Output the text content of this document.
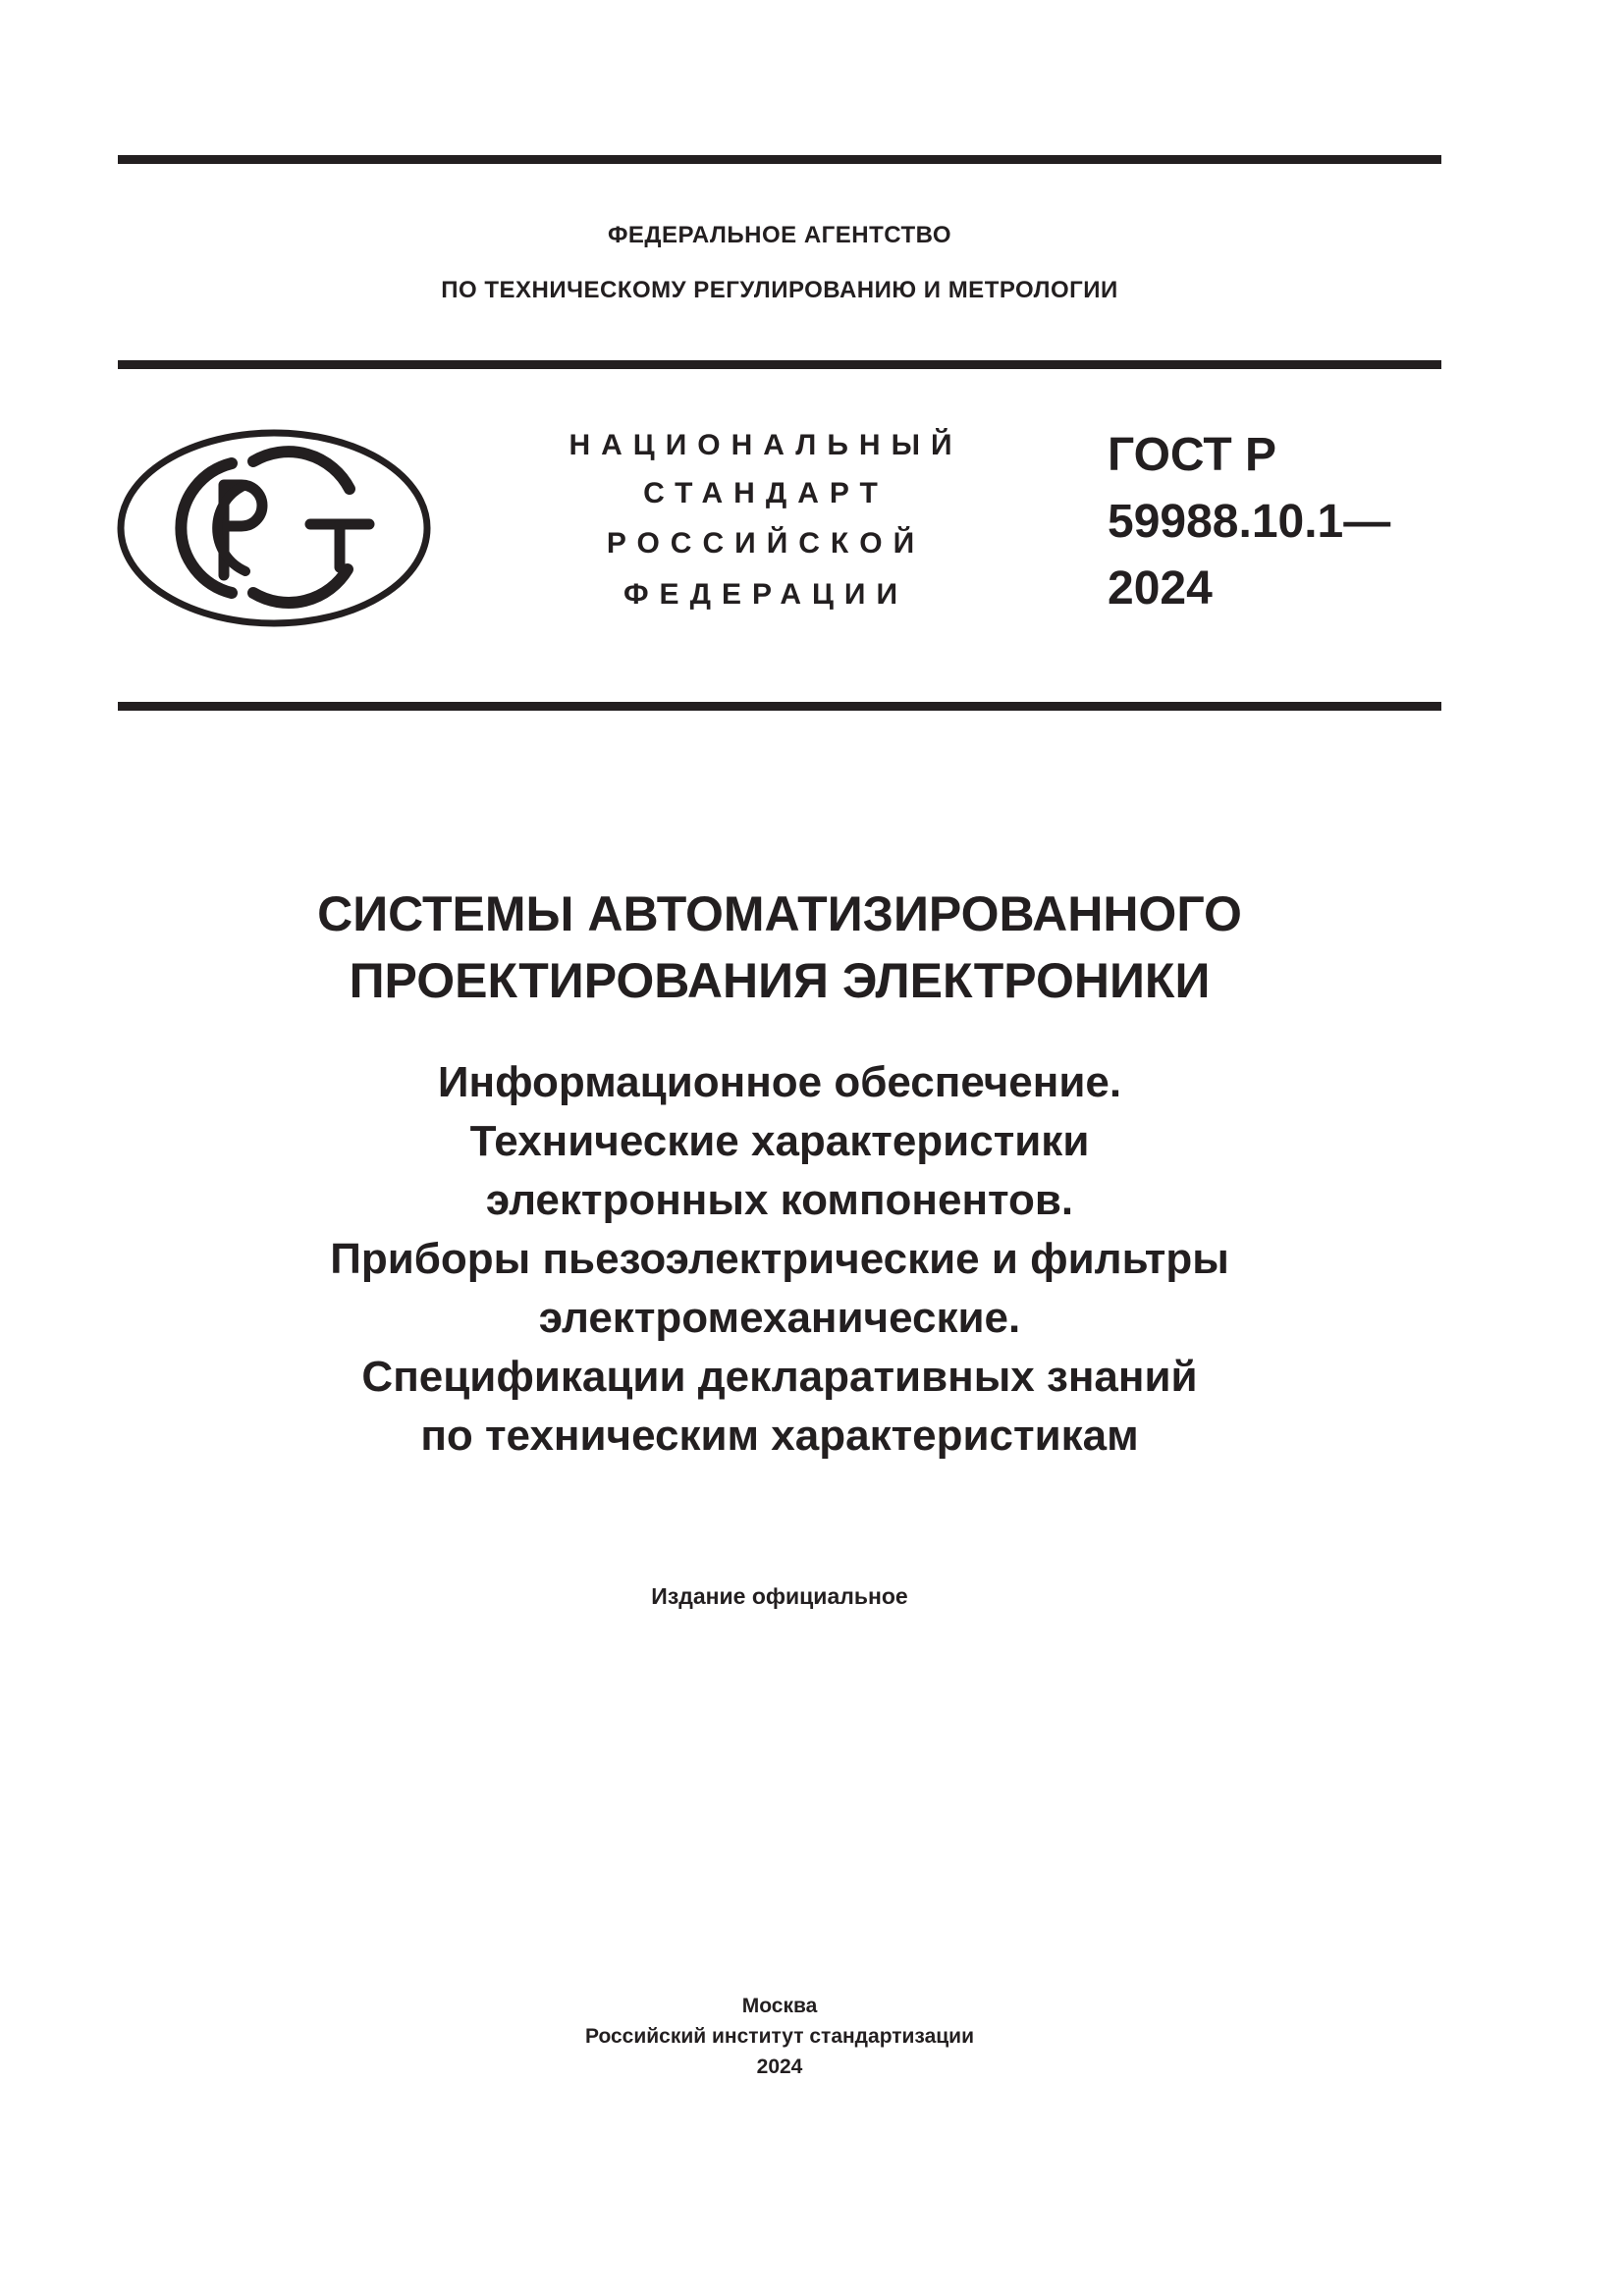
ФЕДЕРАЛЬНОЕ АГЕНТСТВО
ПО ТЕХНИЧЕСКОМУ РЕГУЛИРОВАНИЮ И МЕТРОЛОГИИ
НАЦИОНАЛЬНЫЙ
СТАНДАРТ
РОССИЙСКОЙ
ФЕДЕРАЦИИ
ГОСТ Р
59988.10.1—
2024
СИСТЕМЫ АВТОМАТИЗИРОВАННОГО
ПРОЕКТИРОВАНИЯ ЭЛЕКТРОНИКИ
Информационное обеспечение.
Технические характеристики
электронных компонентов.
Приборы пьезоэлектрические и фильтры
электромеханические.
Спецификации декларативных знаний
по техническим характеристикам
Издание официальное
Москва
Российский институт стандартизации
2024
